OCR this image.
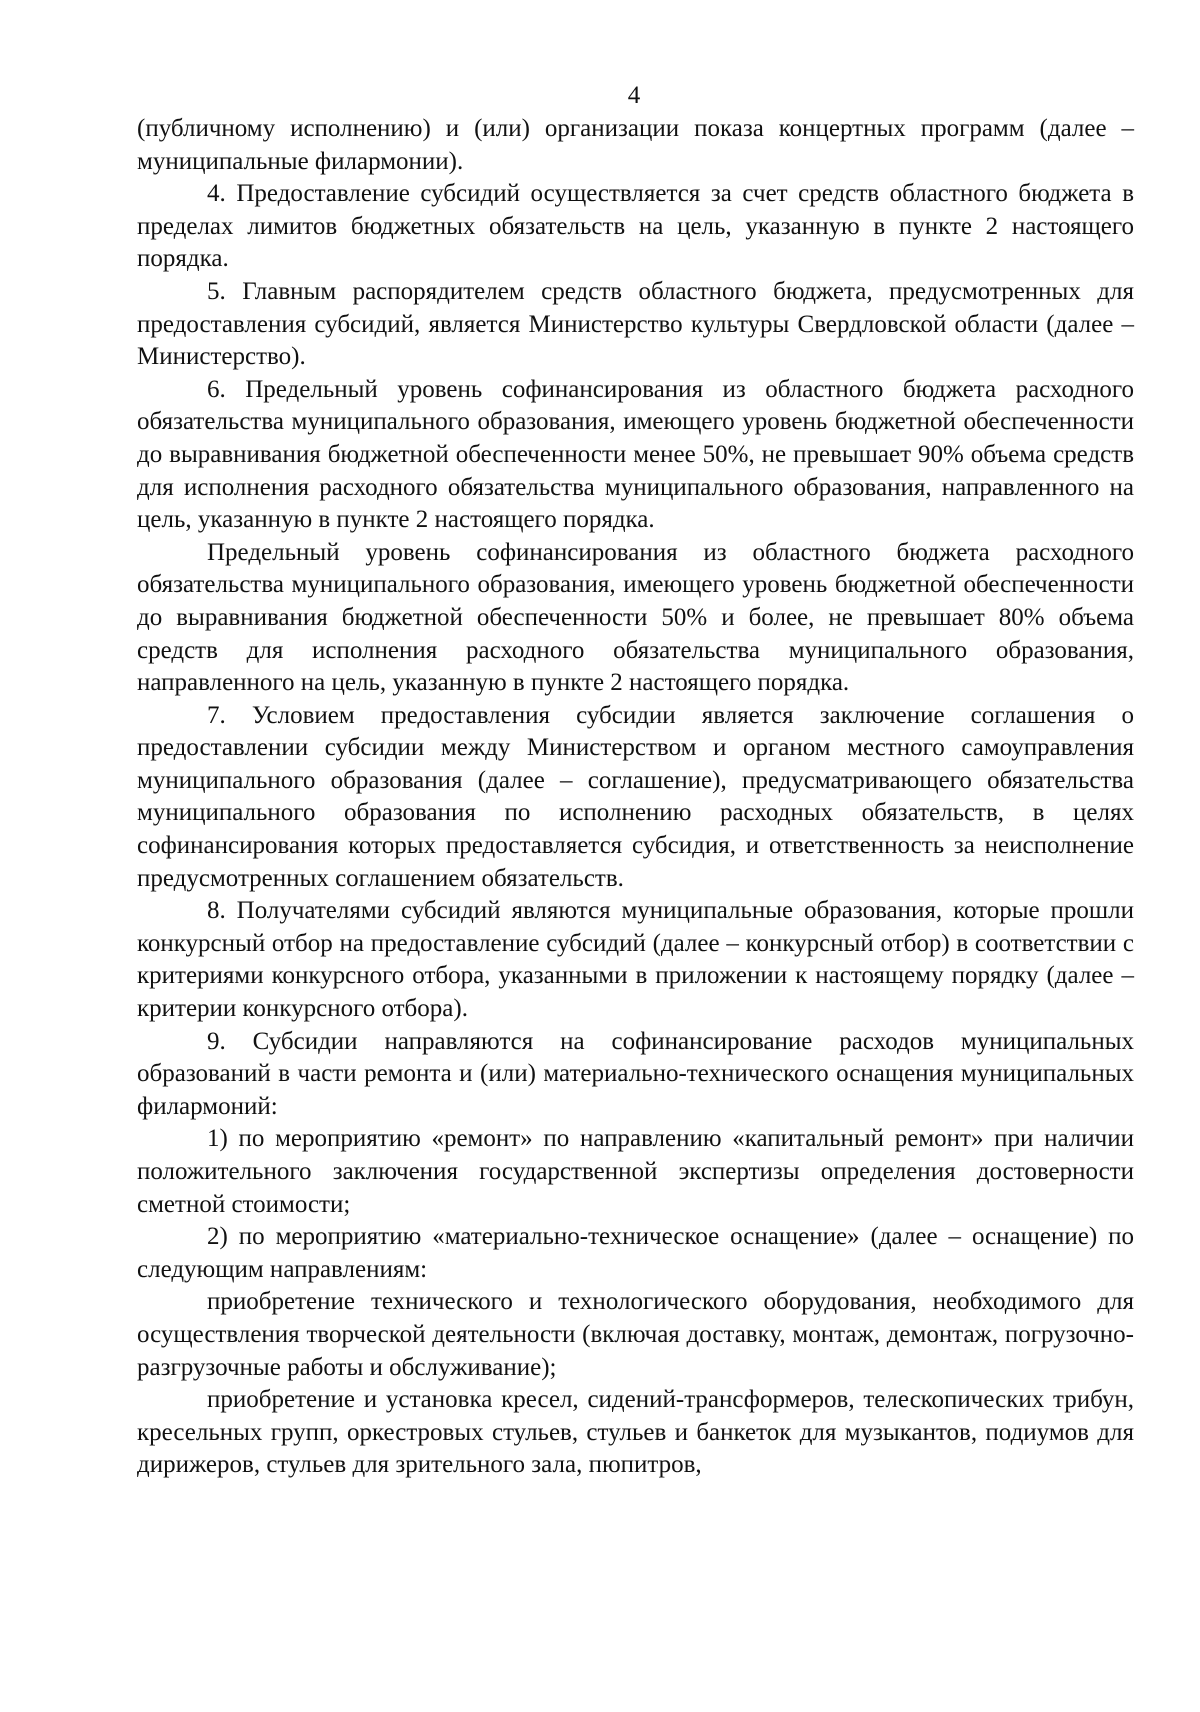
4

(публичному исполнению) и (или) организации показа концертных программ (далее – муниципальные филармонии).

4. Предоставление субсидий осуществляется за счет средств областного бюджета в пределах лимитов бюджетных обязательств на цель, указанную в пункте 2 настоящего порядка.

5. Главным распорядителем средств областного бюджета, предусмотренных для предоставления субсидий, является Министерство культуры Свердловской области (далее – Министерство).

6. Предельный уровень софинансирования из областного бюджета расходного обязательства муниципального образования, имеющего уровень бюджетной обеспеченности до выравнивания бюджетной обеспеченности менее 50%, не превышает 90% объема средств для исполнения расходного обязательства муниципального образования, направленного на цель, указанную в пункте 2 настоящего порядка.

Предельный уровень софинансирования из областного бюджета расходного обязательства муниципального образования, имеющего уровень бюджетной обеспеченности до выравнивания бюджетной обеспеченности 50% и более, не превышает 80% объема средств для исполнения расходного обязательства муниципального образования, направленного на цель, указанную в пункте 2 настоящего порядка.

7. Условием предоставления субсидии является заключение соглашения о предоставлении субсидии между Министерством и органом местного самоуправления муниципального образования (далее – соглашение), предусматривающего обязательства муниципального образования по исполнению расходных обязательств, в целях софинансирования которых предоставляется субсидия, и ответственность за неисполнение предусмотренных соглашением обязательств.

8. Получателями субсидий являются муниципальные образования, которые прошли конкурсный отбор на предоставление субсидий (далее – конкурсный отбор) в соответствии с критериями конкурсного отбора, указанными в приложении к настоящему порядку (далее – критерии конкурсного отбора).

9. Субсидии направляются на софинансирование расходов муниципальных образований в части ремонта и (или) материально-технического оснащения муниципальных филармоний:

1) по мероприятию «ремонт» по направлению «капитальный ремонт» при наличии положительного заключения государственной экспертизы определения достоверности сметной стоимости;

2) по мероприятию «материально-техническое оснащение» (далее – оснащение) по следующим направлениям:

приобретение технического и технологического оборудования, необходимого для осуществления творческой деятельности (включая доставку, монтаж, демонтаж, погрузочно-разгрузочные работы и обслуживание);

приобретение и установка кресел, сидений-трансформеров, телескопических трибун, кресельных групп, оркестровых стульев, стульев и банкеток для музыкантов, подиумов для дирижеров, стульев для зрительного зала, пюпитров,
